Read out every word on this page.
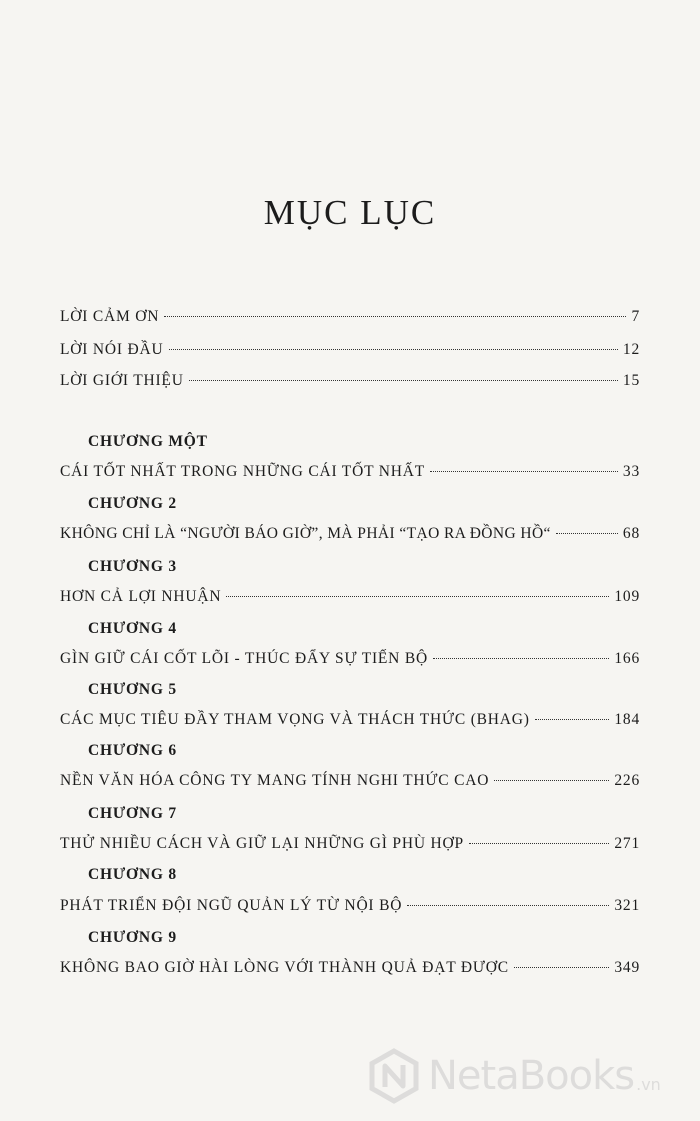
MỤC LỤC
LỜI CẢM ƠN	7
LỜI NÓI ĐẦU	12
LỜI GIỚI THIỆU	15
CHƯƠNG MỘT
CÁI TỐT NHẤT TRONG NHỮNG CÁI TỐT NHẤT	33
CHƯƠNG 2
KHÔNG CHỈ LÀ “NGƯỜI BÁO GIỜ”, MÀ PHẢI “TẠO RA ĐỒNG HỒ“	68
CHƯƠNG 3
HƠN CẢ LỢI NHUẬN	109
CHƯƠNG 4
GÌN GIỮ CÁI CỐT LÕI - THÚC ĐẨY SỰ TIẾN BỘ	166
CHƯƠNG 5
CÁC MỤC TIÊU ĐẦY THAM VỌNG VÀ THÁCH THỨC (BHAG)	184
CHƯƠNG 6
NỀN VĂN HÓA CÔNG TY MANG TÍNH NGHI THỨC CAO	226
CHƯƠNG 7
THỬ NHIỀU CÁCH VÀ GIỮ LẠI NHỮNG GÌ PHÙ HỢP	271
CHƯƠNG 8
PHÁT TRIỂN ĐỘI NGŨ QUẢN LÝ TỪ NỘI BỘ	321
CHƯƠNG 9
KHÔNG BAO GIỜ HÀI LÒNG VỚI THÀNH QUẢ ĐẠT ĐƯỢC	349
NetaBooks .vn
